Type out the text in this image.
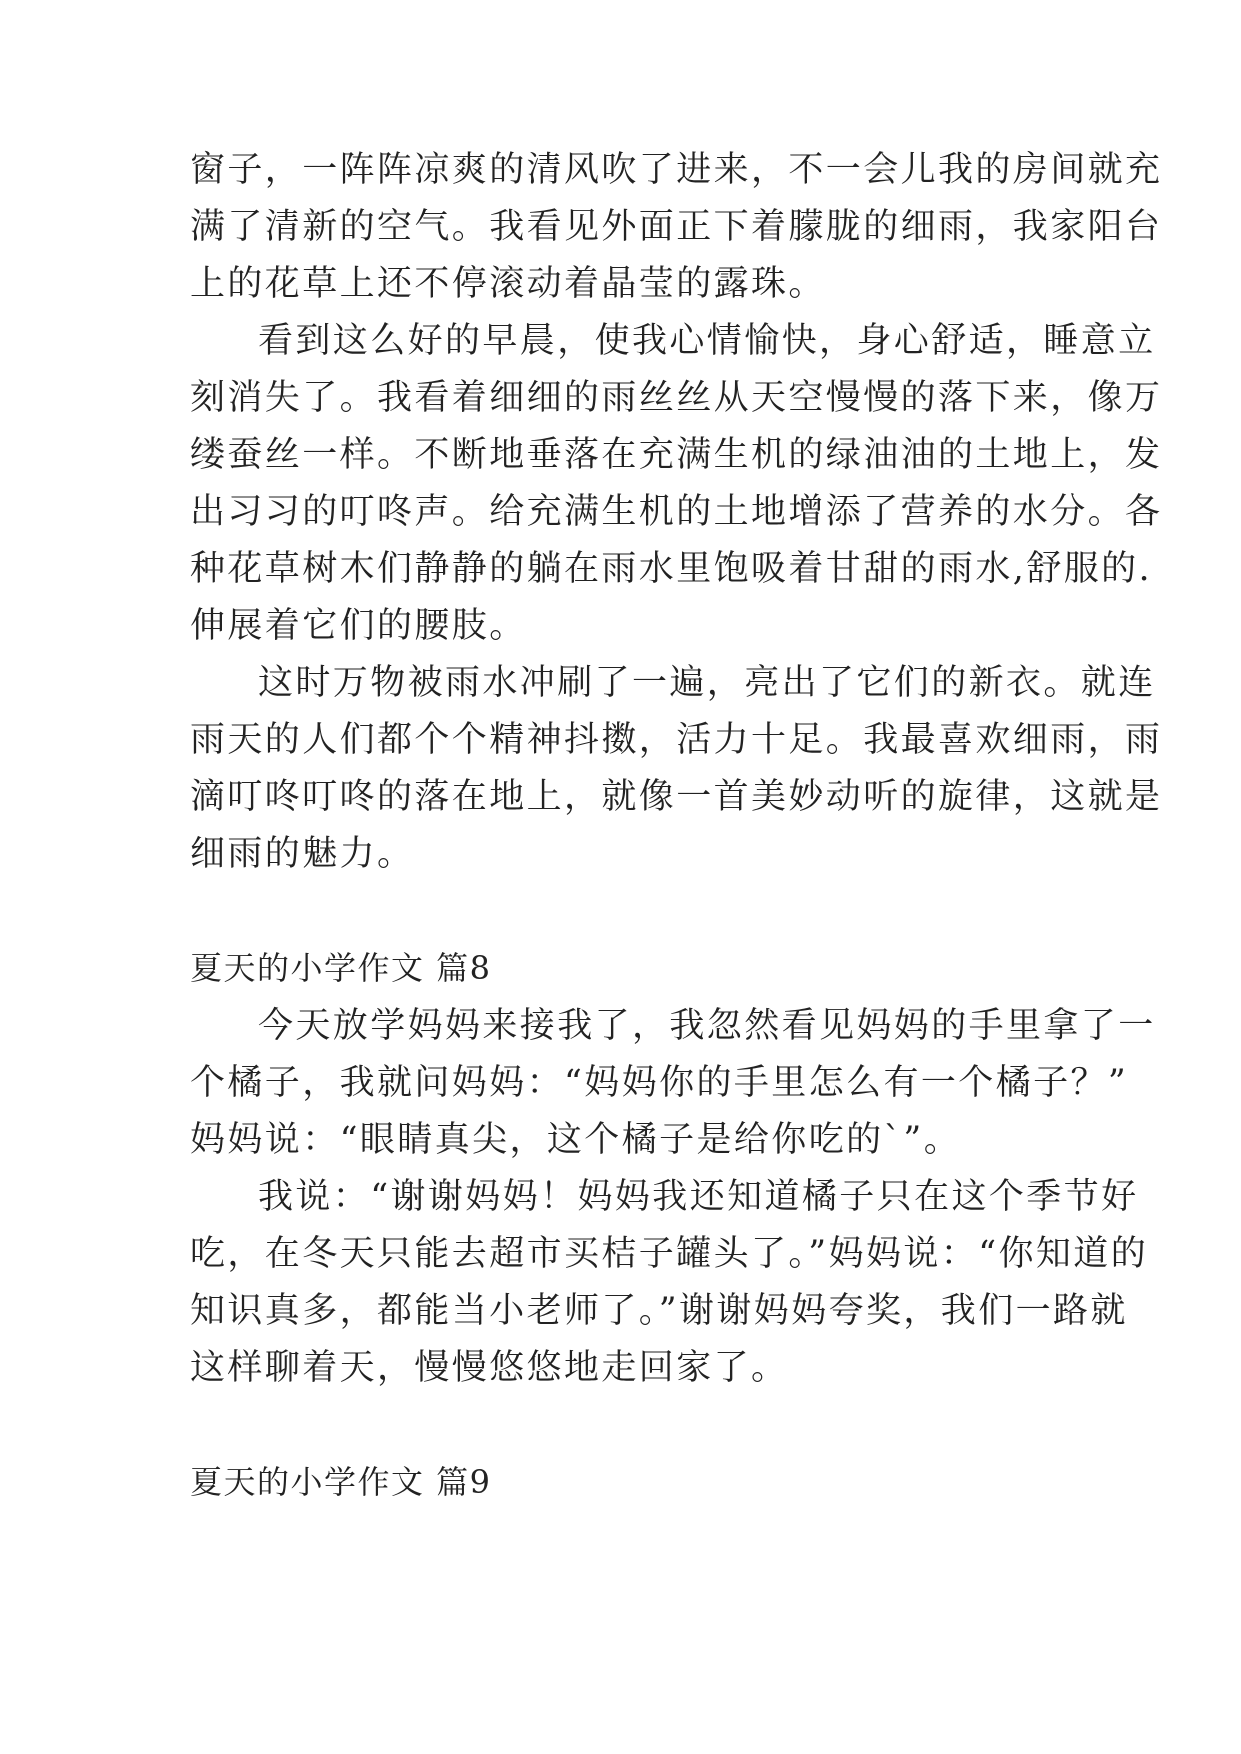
窗子，一阵阵凉爽的清风吹了进来，不一会儿我的房间就充
满了清新的空气。我看见外面正下着朦胧的细雨，我家阳台
上的花草上还不停滚动着晶莹的露珠。
看到这么好的早晨，使我心情愉快，身心舒适，睡意立
刻消失了。我看着细细的雨丝丝从天空慢慢的落下来，像万
缕蚕丝一样。不断地垂落在充满生机的绿油油的土地上，发
出习习的叮咚声。给充满生机的土地增添了营养的水分。各
种花草树木们静静的躺在雨水里饱吸着甘甜的雨水,舒服的.
伸展着它们的腰肢。
这时万物被雨水冲刷了一遍，亮出了它们的新衣。就连
雨天的人们都个个精神抖擞，活力十足。我最喜欢细雨，雨
滴叮咚叮咚的落在地上，就像一首美妙动听的旋律，这就是
细雨的魅力。
夏天的小学作文 篇8
今天放学妈妈来接我了，我忽然看见妈妈的手里拿了一
个橘子，我就问妈妈：“妈妈你的手里怎么有一个橘子？”
妈妈说：“眼睛真尖，这个橘子是给你吃的`”。
我说：“谢谢妈妈！妈妈我还知道橘子只在这个季节好
吃，在冬天只能去超市买桔子罐头了。”妈妈说：“你知道的
知识真多，都能当小老师了。”谢谢妈妈夸奖，我们一路就
这样聊着天，慢慢悠悠地走回家了。
夏天的小学作文 篇9
